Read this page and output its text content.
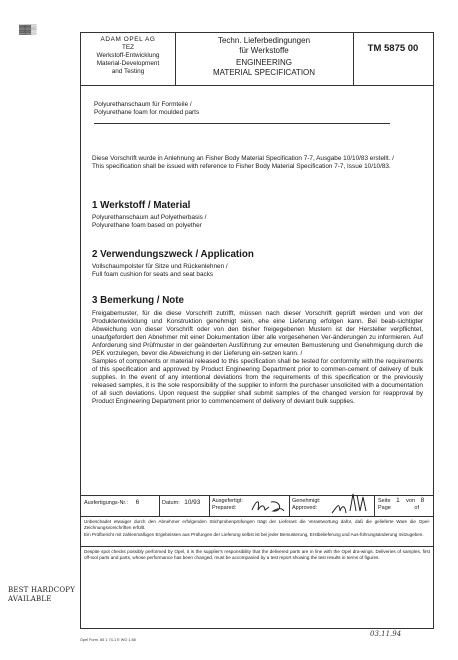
▓▓▒
ADAM OPEL AG
TEZ
Werkstoff-Entwicklung
Material-Development
and Testing
Techn. Lieferbedingungen
für Werkstoffe
ENGINEERING
MATERIAL SPECIFICATION
TM 5875 00
Polyurethanschaum für Formteile /
Polyurethane foam for moulded parts
Diese Vorschrift wurde in Anlehnung an Fisher Body Material Specification 7-7, Ausgabe 10/10/83 erstellt. /
This specification shall be issued with reference to Fisher Body Material Specification 7-7, Issue 10/10/83.
1 Werkstoff / Material
Polyurethanschaum auf Polyetherbasis /
Polyurethane foam based on polyether
2 Verwendungszweck / Application
Vollschaumpolster für Sitze und Rückenlehnen /
Full foam cushion for seats and seat backs
3 Bemerkung / Note
Freigabemuster, für die diese Vorschrift zutrifft, müssen nach dieser Vorschrift geprüft werden und von der Produktentwicklung und Konstruktion genehmigt sein, ehe eine Lieferung erfolgen kann. Bei beab-sichtigter Abweichung von dieser Vorschrift oder von den bisher freigegebenen Mustern ist der Hersteller verpflichtet, unaufgefordert den Abnehmer mit einer Dokumentation über alle vorgesehenen Ver-änderungen zu informieren. Auf Anforderung sind Prüfmuster in der geänderten Ausführung zur erneuten Bemusterung und Genehmigung durch die PEK vorzulegen, bevor die Abweichung in der Lieferung ein-setzen kann. /
Samples of components or material released to this specification shall be tested for conformity with the requirements of this specification and approved by Product Engineering Department prior to commen-cement of delivery of bulk supplies. In the event of any intentional deviations from the requirements of this specification or the previously released samples, it is the sole responsibility of the supplier to inform the purchaser unsolicited with a documentation of all such deviations. Upon request the supplier shall submit samples of the changed version for reapproval by Product Engineering Department prior to commencement of delivery of deviant bulk supplies.
Ausfertigungs-Nr.: 6	Datum: 10/93 Ausgefertigt:
Prepared:
Genehmigt:
Approved:
Seite 1 von 8
Page	of
Unbeschadet etwaiger durch den Abnehmer erfolgenden Stichprobenprüfungen trägt der Lieferant die Verantwortung dafür, daß die gelieferte Ware die Opel-Zeichnungsvorschriften erfüllt.
Ein Prüfbericht mit zahlenmäßigen Ergebnissen aus Prüfungen der Lieferung selbst ist bei jeder Bemusterung, Erstbelieferung und Aus-führungsänderung mitzugeben.
Despite spot checks possibly performed by Opel, it is the supplier's responsibility that the delivered parts are in line with the Opel dra-wings. Deliveries of samples, first off-tool parts and parts, whose performance has been changed, must be accompanied by a test report showing the test results in terms of figures.
Opel Form. 65 1 74-1 E WO 1 88
03.11.94
BEST HARDCOPY
AVAILABLE
